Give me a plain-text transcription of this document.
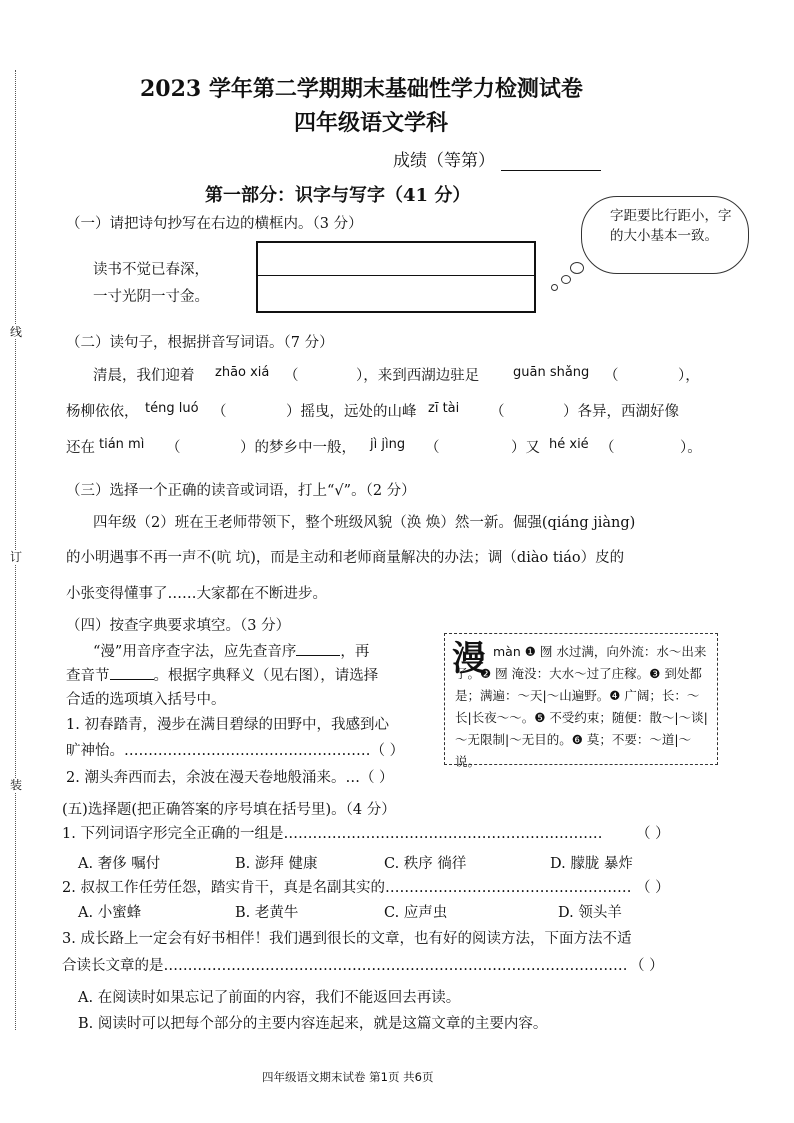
线
订
装
2023 学年第二学期期末基础性学力检测试卷
四年级语文学科
成绩（等第）
第一部分：识字与写字（41 分）
字距要比行距小，字的大小基本一致。
（一）请把诗句抄写在右边的横框内。（3 分）
读书不觉已春深，
一寸光阴一寸金。
（二）读句子，根据拼音写词语。（7 分）
清晨，我们迎着 zhāo xiá （	），来到西湖边驻足	guān shǎng （	），
杨柳依依， téng luó （	）摇曳，远处的山峰 zī tài （	）各异，西湖好像
还在 tián mì （	）的梦乡中一般， jì jìng （	）又 hé xié （	）。
（三）选择一个正确的读音或词语，打上“√”。（2 分）
四年级（2）班在王老师带领下，整个班级风貌（涣 焕）然一新。倔强(qiáng jiàng)
的小明遇事不再一声不(吭 坑)，而是主动和老师商量解决的办法；调（diào tiáo）皮的
小张变得懂事了……大家都在不断进步。
（四）按查字典要求填空。（3 分）
“漫”用音序查字法，应先查音序	，再
查音节	。根据字典释义（见右图），请选择
合适的选项填入括号中。
1. 初春踏青，漫步在满目碧绿的田野中，我感到心
旷神怡。……………………………………………（ ）
2. 潮头奔西而去，余波在漫天卷地般涌来。…（ ）
màn ❶ 囫 水过满，向外流：水～出来了。❷ 囫 淹没：大水～过了庄稼。❸ 到处都是；满遍：～天|～山遍野。❹ 广阔；长：～长|长夜～～。❺ 不受约束；随便：散～|～谈|～无限制|～无目的。❻ 莫；不要：～道|～说。
漫
(五)选择题(把正确答案的序号填在括号里)。（4 分）
1. 下列词语字形完全正确的一组是………………………………………………………… （ ）
A. 奢侈 嘱付	B. 澎拜 健康	C. 秩序 徜徉	D. 朦胧 暴炸
2. 叔叔工作任劳任怨，踏实肯干，真是名副其实的…………………………………………… （ ）
A. 小蜜蜂	B. 老黄牛	C. 应声虫	D. 领头羊
3. 成长路上一定会有好书相伴！我们遇到很长的文章，也有好的阅读方法，下面方法不适
合读长文章的是…………………………………………………………………………………… （ ）
A. 在阅读时如果忘记了前面的内容，我们不能返回去再读。
B. 阅读时可以把每个部分的主要内容连起来，就是这篇文章的主要内容。
四年级语文期末试卷 第1页 共6页
